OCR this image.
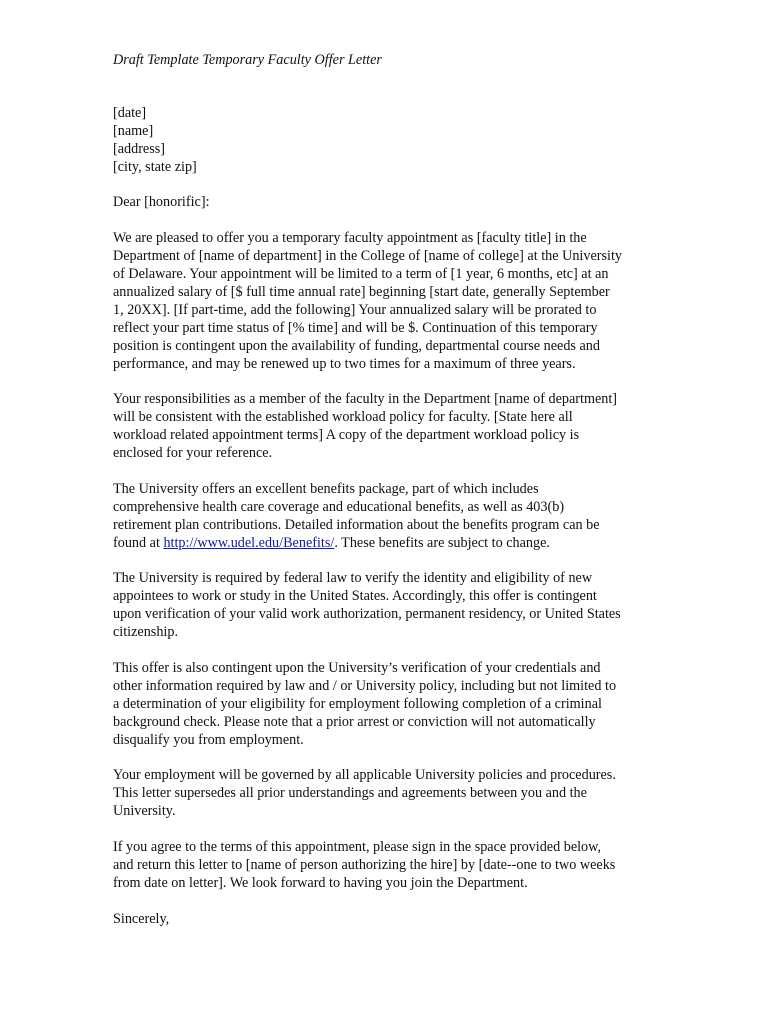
Draft Template Temporary Faculty Offer Letter
[date]
[name]
[address]
[city, state zip]
Dear [honorific]:
We are pleased to offer you a temporary faculty appointment as [faculty title] in the
Department of [name of department] in the College of [name of college] at the University
of Delaware. Your appointment will be limited to a term of [1 year, 6 months, etc] at an
annualized salary of [$ full time annual rate] beginning [start date, generally September
1, 20XX]. [If part-time, add the following] Your annualized salary will be prorated to
reflect your part time status of [% time] and will be $. Continuation of this temporary
position is contingent upon the availability of funding, departmental course needs and
performance, and may be renewed up to two times for a maximum of three years.
Your responsibilities as a member of the faculty in the Department [name of department]
will be consistent with the established workload policy for faculty. [State here all
workload related appointment terms] A copy of the department workload policy is
enclosed for your reference.
The University offers an excellent benefits package, part of which includes
comprehensive health care coverage and educational benefits, as well as 403(b)
retirement plan contributions. Detailed information about the benefits program can be
found at http://www.udel.edu/Benefits/. These benefits are subject to change.
The University is required by federal law to verify the identity and eligibility of new
appointees to work or study in the United States. Accordingly, this offer is contingent
upon verification of your valid work authorization, permanent residency, or United States
citizenship.
This offer is also contingent upon the University’s verification of your credentials and
other information required by law and / or University policy, including but not limited to
a determination of your eligibility for employment following completion of a criminal
background check. Please note that a prior arrest or conviction will not automatically
disqualify you from employment.
Your employment will be governed by all applicable University policies and procedures.
This letter supersedes all prior understandings and agreements between you and the
University.
If you agree to the terms of this appointment, please sign in the space provided below,
and return this letter to [name of person authorizing the hire] by [date--one to two weeks
from date on letter]. We look forward to having you join the Department.
Sincerely,
